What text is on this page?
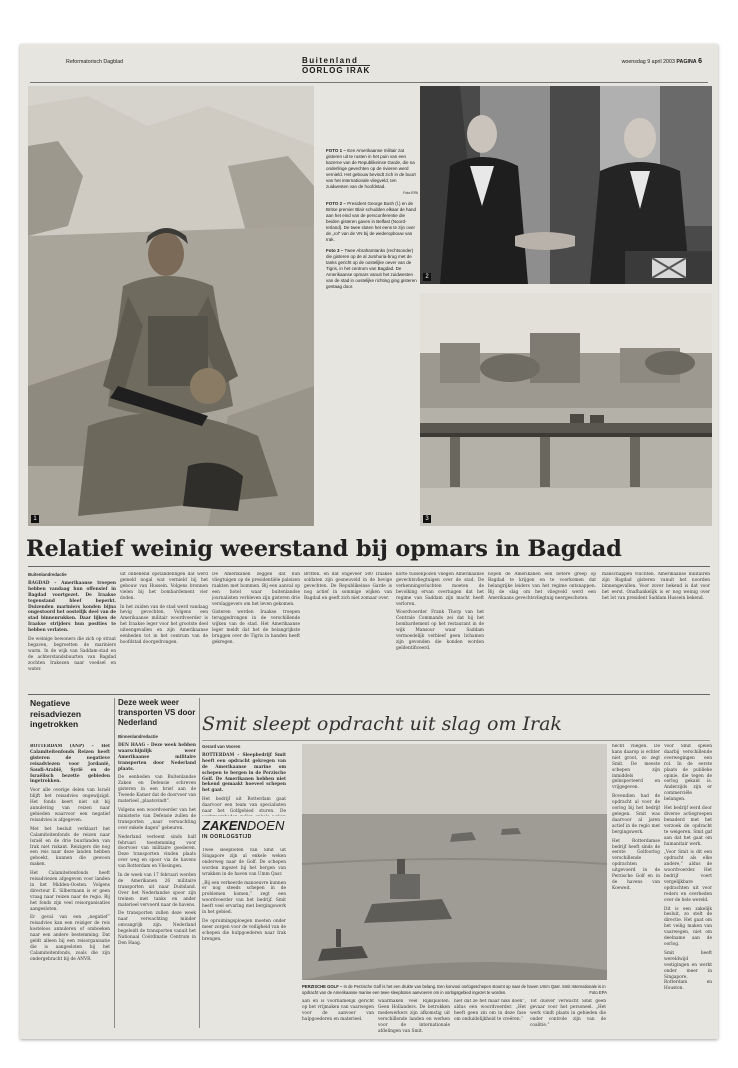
Reformatorisch Dagblad	Buitenland
OORLOG IRAK
woensdag 9 april 2003 PAGINA 6
1

FOTO 1 – Een Amerikaanse militair zat gisteren uit te rusten in het puin van een kazerne van de Republikeinse Garde, die na onderlinge gevechten op de rivieren werd vernield. Het gebouw bevindt zich in de buurt van het internationale vliegveld, ten zuidwesten van de hoofdstad.
Foto EPA

FOTO 2 – President George Bush (l.) en de Britse premier Blair schudden elkaar de hand aan het eind van de persconferentie die beiden gisteren gaven in Belfast (Noord-Ierland). De twee sloten het eens te zijn over de „rol” van de VN bij de wederopbouw van Irak.

Foto 3 – Twee Abrahamtanks (rechtsonder) die gisteren op de al Jumhuria-brug met de tanks gericht op de oostelijke oever van de Tigris, in het centrum van Bagdad. De Amerikaanse opmars vanuit het zuidwesten van de stad in oostelijke richting ging gisteren gestaag door.

2
3
Relatief weinig weerstand bij opmars in Bagdad
Buitenlandredactie

BAGDAD – Amerikaanse troepen hebben vandaag hun offensief in Bagdad voortgezet. De Iraakse tegenstand bleef beperkt. Duizenden mariniers konden bijna ongestoord het oostelijk deel van de stad binnenrukken. Daar lijken de Iraakse strijders hun posities te hebben verlaten.

De weinige bewoners die zich op straat begaven, begroetten de mariniers warm. In de wijk van Saddam-stad en de achterstandsbuurten van Bagdad zochten Irakezen naar voedsel en water.

uit onbekend opstandelingen dat werd gemeld nogal wat vernield bij het gebouw van Hussein. Volgens bronnen vielen bij het bombardement vier doden.

In het zuiden van de stad werd vandaag hevig gevochten. Volgens een Amerikaanse militair woordvoerder is het Iraakse leger voor het grootste deel uiteengevallen en zijn Amerikaanse eenheden tot in het centrum van de hoofdstad doorgedrongen.

De Amerikanen zeggen dat hun vliegtuigen op de presidentiële paleizen raakten met bommen. Bij een aanval op een hotel waar buitenlandse journalisten verbleven zijn gisteren drie verslaggevers om het leven gekomen.

Gisteren werden Iraakse troepen teruggedrongen in de verschillende wijken van de stad. Het Amerikaanse leger meldt dat het de belangrijkste bruggen over de Tigris in handen heeft gekregen.

Britten. en dat ongeveer 500 Iraakse soldaten zijn gesneuveld in de hevige gevechten. De Republikeinse Garde is nog actief in sommige wijken van Bagdad en geeft zich niet zomaar over.

korte tussenpozen vliegen Amerikaanse gevechtsvliegtuigen over de stad. De verkenningsvluchten moeten de bevolking ervan overtuigen dat het regime van Saddam zijn macht heeft verloren.

Woordvoerder Frank Thorp van het Centrale Commando zei dat bij het bombardement op het restaurant in de wijk Mansour waar Saddam vermoedelijk verbleef geen lichamen zijn gevonden die konden worden geïdentificeerd.

hopen de Amerikanen een betere greep op Bagdad te krijgen en te voorkomen dat belangrijke leiders van het regime ontsnappen. Bij de slag om het vliegveld werd een Amerikaans gevechtsvliegtuig neergeschoten.

manschappen vluchten. Amerikaanse militairen zijn Bagdad gisteren vanuit het noorden binnengevallen. Voor zover bekend is dat voor het eerst. Onafhankelijk is er nog weinig over het lot van president Saddam Hussein bekend.

Negatieve reisadviezen ingetrokken

ROTTERDAM (ANP) – Het Calamiteitenfonds Reizen heeft gisteren de negatieve reisadviezen voor Jordanië, Saudi-Arabië, Syrië en de Israëlisch bezette gebieden ingetrokken.

Voor alle overige delen van Israël blijft het reisadvies ongewijzigd. Het fonds keert niet uit bij annulering van reizen naar gebieden waarvoor een negatief reisadvies is afgegeven.

Met het besluit verklaart het Calamiteitenfonds de reizen naar Israël en de drie buurlanden van Irak niet riskant. Reizigers die nog een reis naar deze landen hebben geboekt, kunnen die gewoon maken.

Het Calamiteitenfonds heeft reisadviezen afgegeven voor landen in het Midden-Oosten. Volgens directeur E. Silbermann is er geen vraag naar reizen naar de regio. Bij het fonds zijn veel reisorganisaties aangesloten.

Er geval van een „negatief” reisadvies kan een reiziger de reis kosteloos annuleren of omboeken naar een andere bestemming. Dat geldt alleen bij een reisorganisatie die is aangesloten bij het Calamiteitenfonds, zoals die zijn ondergebracht bij de ANVR.

Deze week weer transporten VS door Nederland
Binnenlandredactie

DEN HAAG – Deze week hebben waarschijnlijk weer Amerikaanse militaire transporten door Nederland plaats.

De eenheden van Buitenlandse Zaken en Defensie schreven gisteren in een brief aan de Tweede Kamer dat de doorvoer van materieel „plaatsvindt”.

Volgens een woordvoerder van het ministerie van Defensie zullen de transporten „naar verwachting over enkele dagen” gebeuren.

Nederland verleent sinds half februari toestemming voor doorvoer van militaire goederen. Deze transporten vinden plaats over weg en spoor via de havens van Rotterdam en Vlissingen.

In de week van 17 februari werden de Amerikanen 26 militaire transporten uit naar Duitsland. Over het Nederlandse spoor zijn treinen met tanks en ander materieel vervoerd naar de havens.

De transporten zullen deze week naar verwachting minder omvangrijk zijn. Nederland begeleidt de transporten vanuit het Nationaal Coördinatie Centrum in Den Haag.

Smit sleept opdracht uit slag om Irak
Gerard van Vooren

ROTTERDAM – Sleepbedrijf Smit heeft een opdracht gekregen van de Amerikaanse marine om schepen te bergen in de Perzische Golf. De Amerikanen hebben niet bekend gemaakt hoeveel schepen het gaat.

Het bedrijf uit Rotterdam gaat daarvoor een team van specialisten naar het Golfgebied sturen. De

ZAKENDOEN
IN OORLOGSTIJD

Twee sleepboten van Smit uit Singapore zijn al enkele weken onderweg naar de Golf. De schepen worden ingezet bij het bergen van wrakken in de haven van Umm Qasr.

„Bij een verkeerde manoeuvre kunnen er nog steeds schepen in de problemen komen,” zegt een woordvoerder van het bedrijf. Smit heeft veel ervaring met bergingswerk in het gebied.

De opruimingsploegen moeten onder meer zorgen voor de veiligheid van de schepen die hulpgoederen naar Irak brengen.

PERZISCHE GOLF – In de Perzische Golf is het een drukte van belang. Een konvooi oorlogsschepen stoomt op naar de haven Umm Qasr. Smit Internationale is in opdracht van de Amerikaanse marine een twee sleepboten aanvoeren om in oorlogsgebied ingezet te worden.	Foto EPA

aan en is voornamelijk gericht op het vrijmaken van vaarwegen voor de aanvoer van hulpgoederen en materieel.

waarmaken veel Rijkspiloten. Geen Hollanders. De betrokken medewerkers zijn afkomstig uit verschillende landen en werken voor de internationale afdelingen van Smit.

niet dat ze het maar niks doen”, aldus een woordvoerder. „Het heeft geen zin om in deze fase om onduidelijkheid te creëren.”

Tot dusver verwacht Smit geen gevaar voor het personeel. „Het werk vindt plaats in gebieden die onder controle zijn van de coalitie.”

hecht vliegen. De kans daarop is echter niet groot, zo zegt Smit. De meeste schepen zijn inmiddels geïnspecteerd en vrijgegeven.

Bovendien had de opdracht al voor de oorlog bij het bedrijf gelegen. Smit was daarvoor al jaren actief in de regio met bergingswerk.

Het Rotterdamse bedrijf heeft sinds de eerste Golfoorlog verschillende opdrachten uitgevoerd in de Perzische Golf en in de havens van Koeweit.

Voor Smit spelen daarbij verschillende overwegingen een rol. In de eerste plaats de publieke opinie, die tegen de oorlog gekant is. Anderzijds zijn er commerciële belangen.

Het bedrijf werd door diverse actiegroepen benaderd met het verzoek de opdracht te weigeren. Smit gaf aan dat het gaat om humanitair werk.

„Voor Smit is dit een opdracht als elke andere,” aldus de woordvoerder. Het bedrijf voert vergelijkbare opdrachten uit voor reders en overheden over de hele wereld.

Dit is een zakelijk besluit, zo stelt de directie. Het gaat om het veilig maken van vaarwegen, niet om deelname aan de oorlog.

Smit heeft wereldwijd vestigingen en werkt onder meer in Singapore, Rotterdam en Houston.
